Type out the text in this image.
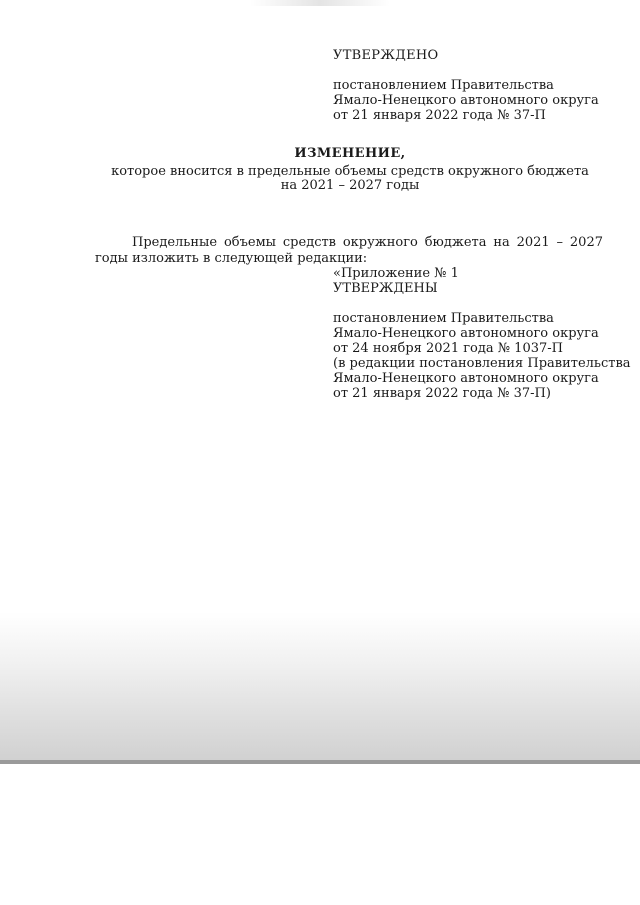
УТВЕРЖДЕНО
постановлением Правительства
Ямало-Ненецкого автономного округа
от 21 января 2022 года № 37-П
ИЗМЕНЕНИЕ,
которое вносится в предельные объемы средств окружного бюджета
на 2021 – 2027 годы

Предельные объемы средств окружного бюджета на 2021 – 2027 годы изложить в следующей редакции:

«Приложение № 1
УТВЕРЖДЕНЫ
постановлением Правительства
Ямало-Ненецкого автономного округа
от 24 ноября 2021 года № 1037-П
(в редакции постановления Правительства
Ямало-Ненецкого автономного округа
от 21 января 2022 года № 37-П)
